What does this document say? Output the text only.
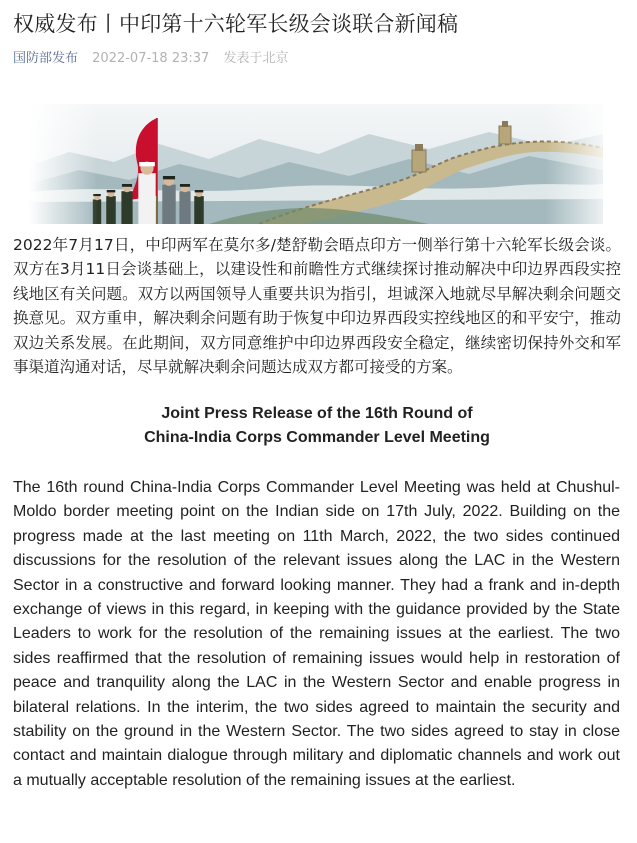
权威发布丨中印第十六轮军长级会谈联合新闻稿
国防部发布 2022-07-18 23:37 发表于北京

2022年7月17日，中印两军在莫尔多/楚舒勒会晤点印方一侧举行第十六轮军长级会谈。双方在3月11日会谈基础上，以建设性和前瞻性方式继续探讨推动解决中印边界西段实控线地区有关问题。双方以两国领导人重要共识为指引，坦诚深入地就尽早解决剩余问题交换意见。双方重申，解决剩余问题有助于恢复中印边界西段实控线地区的和平安宁，推动双边关系发展。在此期间，双方同意维护中印边界西段安全稳定，继续密切保持外交和军事渠道沟通对话，尽早就解决剩余问题达成双方都可接受的方案。

Joint Press Release of the 16th Round of
China-India Corps Commander Level Meeting

The 16th round China-India Corps Commander Level Meeting was held at Chushul-Moldo border meeting point on the Indian side on 17th July, 2022. Building on the progress made at the last meeting on 11th March, 2022, the two sides continued discussions for the resolution of the relevant issues along the LAC in the Western Sector in a constructive and forward looking manner. They had a frank and in-depth exchange of views in this regard, in keeping with the guidance provided by the State Leaders to work for the resolution of the remaining issues at the earliest. The two sides reaffirmed that the resolution of remaining issues would help in restoration of peace and tranquility along the LAC in the Western Sector and enable progress in bilateral relations. In the interim, the two sides agreed to maintain the security and stability on the ground in the Western Sector. The two sides agreed to stay in close contact and maintain dialogue through military and diplomatic channels and work out a mutually acceptable resolution of the remaining issues at the earliest.
